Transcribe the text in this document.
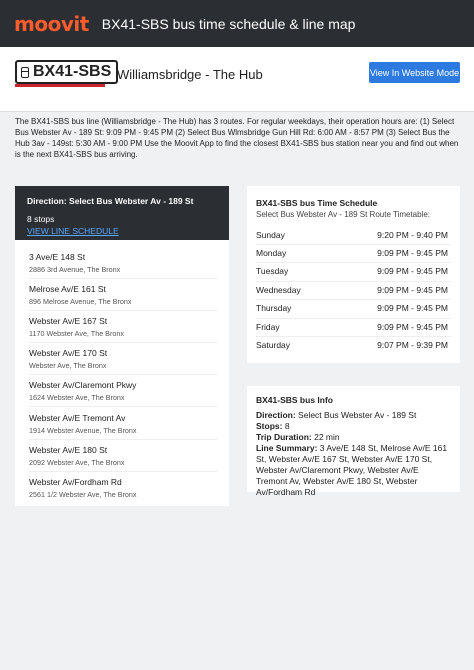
moovit BX41-SBS bus time schedule & line map
BX41-SBS Williamsbridge - The Hub	View In Website Mode

The BX41-SBS bus line (Williamsbridge - The Hub) has 3 routes. For regular weekdays, their operation hours are: (1) Select Bus Webster Av - 189 St: 9:09 PM - 9:45 PM (2) Select Bus Wlmsbridge Gun Hill Rd: 6:00 AM - 8:57 PM (3) Select Bus the Hub 3av - 149st: 5:30 AM - 9:00 PM Use the Moovit App to find the closest BX41-SBS bus station near you and find out when is the next BX41-SBS bus arriving.

Direction: Select Bus Webster Av - 189 St
8 stops
VIEW LINE SCHEDULE
3 Ave/E 148 St
2886 3rd Avenue, The Bronx
Melrose Av/E 161 St
896 Melrose Avenue, The Bronx
Webster Av/E 167 St
1170 Webster Ave, The Bronx
Webster Av/E 170 St
Webster Ave, The Bronx
Webster Av/Claremont Pkwy
1624 Webster Ave, The Bronx
Webster Av/E Tremont Av
1914 Webster Avenue, The Bronx
Webster Av/E 180 St
2092 Webster Ave, The Bronx
Webster Av/Fordham Rd
2561 1/2 Webster Ave, The Bronx
BX41-SBS bus Time Schedule
Select Bus Webster Av - 189 St Route Timetable:
Sunday	9:20 PM - 9:40 PM
Monday	9:09 PM - 9:45 PM
Tuesday	9:09 PM - 9:45 PM
Wednesday	9:09 PM - 9:45 PM
Thursday	9:09 PM - 9:45 PM
Friday	9:09 PM - 9:45 PM
Saturday	9:07 PM - 9:39 PM
BX41-SBS bus Info
Direction: Select Bus Webster Av - 189 St
Stops: 8
Trip Duration: 22 min
Line Summary: 3 Ave/E 148 St, Melrose Av/E 161 St, Webster Av/E 167 St, Webster Av/E 170 St, Webster Av/Claremont Pkwy, Webster Av/E Tremont Av, Webster Av/E 180 St, Webster Av/Fordham Rd
